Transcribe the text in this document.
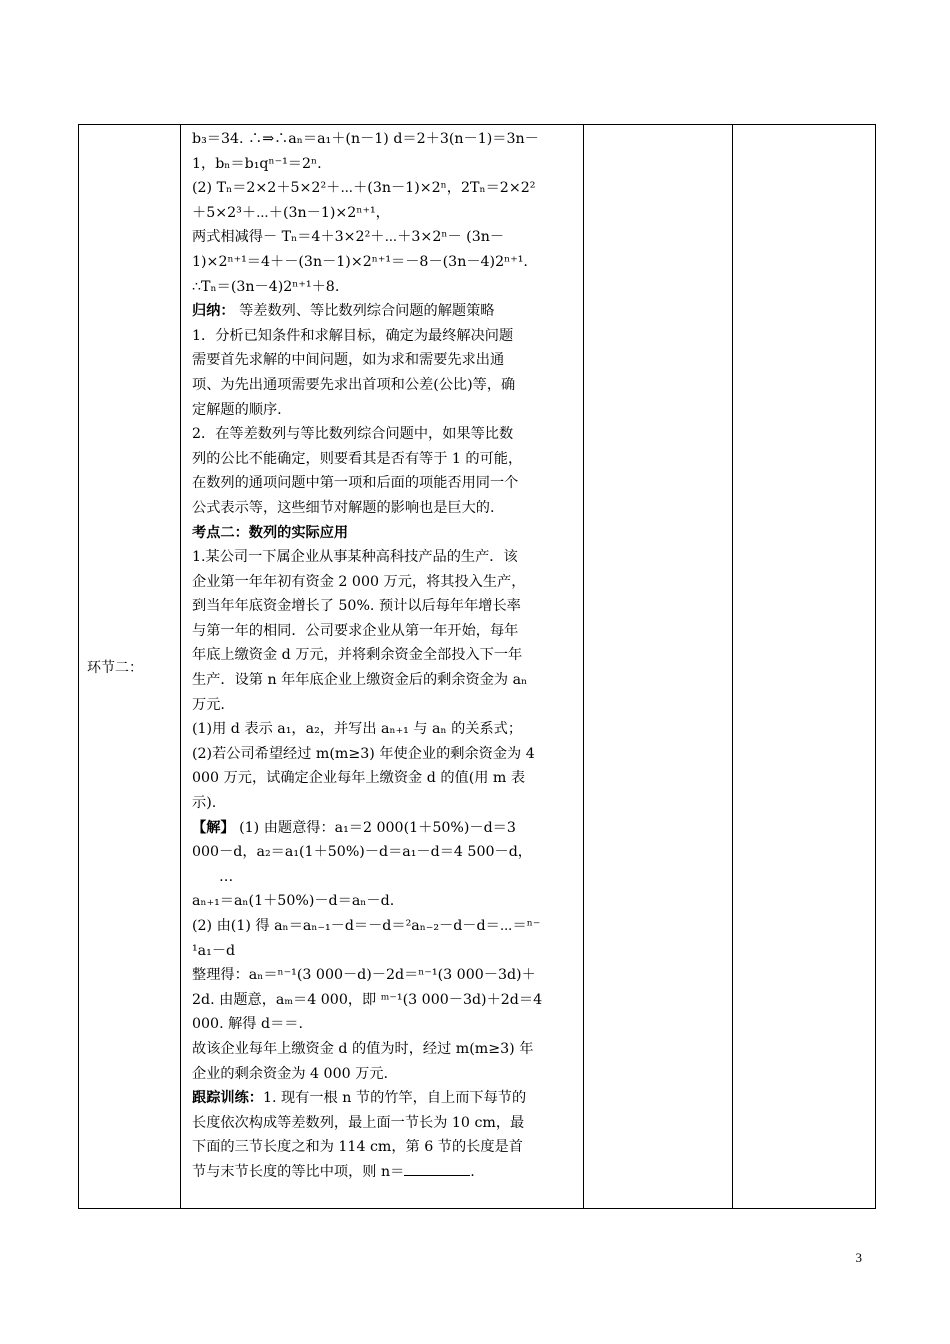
环节二：

b₃＝34. ∴⇒∴aₙ＝a₁＋(n－1) d＝2＋3(n－1)＝3n－

1，bₙ＝b₁qⁿ⁻¹＝2ⁿ.

(2) Tₙ＝2×2＋5×2²＋⋯＋(3n－1)×2ⁿ，2Tₙ＝2×2²

＋5×2³＋⋯＋(3n－1)×2ⁿ⁺¹，

两式相减得－ Tₙ＝4＋3×2²＋⋯＋3×2ⁿ－ (3n－

1)×2ⁿ⁺¹＝4＋－(3n－1)×2ⁿ⁺¹＝－8－(3n－4)2ⁿ⁺¹.

∴Tₙ＝(3n－4)2ⁿ⁺¹＋8.

归纳： 等差数列、等比数列综合问题的解题策略

1．分析已知条件和求解目标，确定为最终解决问题

需要首先求解的中间问题，如为求和需要先求出通

项、为先出通项需要先求出首项和公差(公比)等，确

定解题的顺序.

2．在等差数列与等比数列综合问题中，如果等比数

列的公比不能确定，则要看其是否有等于 1 的可能，

在数列的通项问题中第一项和后面的项能否用同一个

公式表示等，这些细节对解题的影响也是巨大的.

考点二：数列的实际应用

1.某公司一下属企业从事某种高科技产品的生产．该

企业第一年年初有资金 2 000 万元，将其投入生产，

到当年年底资金增长了 50%. 预计以后每年年增长率

与第一年的相同．公司要求企业从第一年开始，每年

年底上缴资金 d 万元，并将剩余资金全部投入下一年

生产．设第 n 年年底企业上缴资金后的剩余资金为 aₙ

万元.

(1)用 d 表示 a₁，a₂，并写出 aₙ₊₁ 与 aₙ 的关系式；

(2)若公司希望经过 m(m≥3) 年使企业的剩余资金为 4

000 万元，试确定企业每年上缴资金 d 的值(用 m 表

示).

【解】 (1) 由题意得：a₁＝2 000(1＋50%)－d＝3

000－d，a₂＝a₁(1＋50%)－d＝a₁－d＝4 500－d，

…

aₙ₊₁＝aₙ(1＋50%)－d＝aₙ－d.

(2) 由(1) 得 aₙ＝aₙ₋₁－d＝－d＝²aₙ₋₂－d－d＝⋯＝ⁿ⁻

¹a₁－d

整理得：aₙ＝ⁿ⁻¹(3 000－d)－2d＝ⁿ⁻¹(3 000－3d)＋

2d. 由题意，aₘ＝4 000，即 ᵐ⁻¹(3 000－3d)＋2d＝4

000. 解得 d＝＝.

故该企业每年上缴资金 d 的值为时，经过 m(m≥3) 年

企业的剩余资金为 4 000 万元.

跟踪训练：1. 现有一根 n 节的竹竿，自上而下每节的

长度依次构成等差数列，最上面一节长为 10 cm，最

下面的三节长度之和为 114 cm，第 6 节的长度是首

节与末节长度的等比中项，则 n＝	.

3
